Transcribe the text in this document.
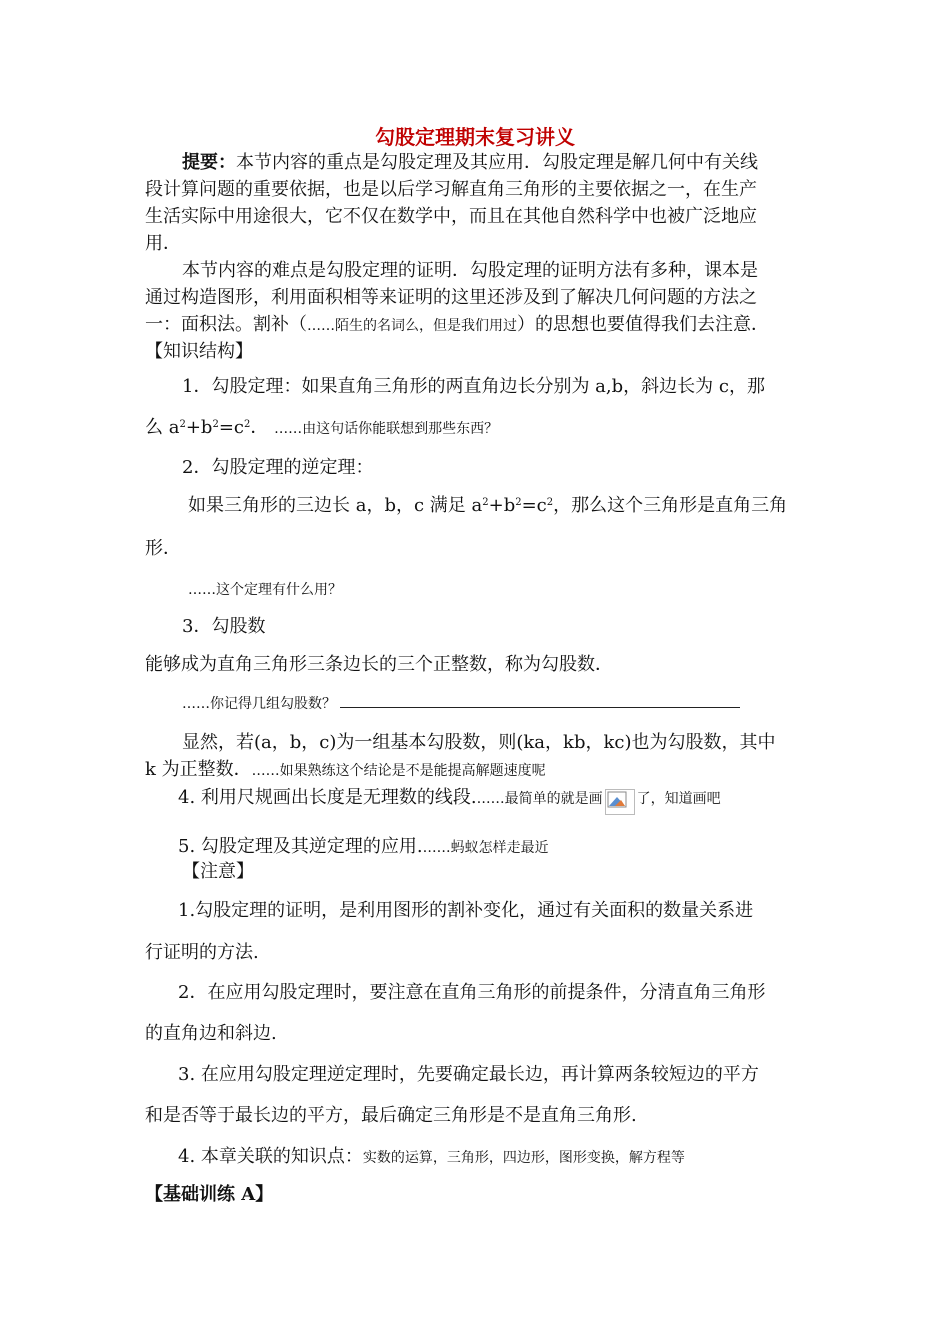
勾股定理期末复习讲义
提要：本节内容的重点是勾股定理及其应用．勾股定理是解几何中有关线
段计算问题的重要依据，也是以后学习解直角三角形的主要依据之一，在生产
生活实际中用途很大，它不仅在数学中，而且在其他自然科学中也被广泛地应
用．
本节内容的难点是勾股定理的证明．勾股定理的证明方法有多种，课本是
通过构造图形，利用面积相等来证明的这里还涉及到了解决几何问题的方法之
一：面积法。割补（……陌生的名词么，但是我们用过）的思想也要值得我们去注意．
【知识结构】
1．勾股定理：如果直角三角形的两直角边长分别为 a,b，斜边长为 c，那
么 $a^2+b^2=c^2$． ……由这句话你能联想到那些东西？
2．勾股定理的逆定理：
如果三角形的三边长 a，b，c 满足 $a^2+b^2=c^2$，那么这个三角形是直角三角
形．
……这个定理有什么用？
3．勾股数
能够成为直角三角形三条边长的三个正整数，称为勾股数．
……你记得几组勾股数？
显然，若(a，b，c)为一组基本勾股数，则(ka，kb，kc)也为勾股数，其中
k 为正整数．……如果熟练这个结论是不是能提高解题速度呢
4. 利用尺规画出长度是无理数的线段.……最简单的就是画 了，知道画吧
5. 勾股定理及其逆定理的应用.……蚂蚁怎样走最近
【注意】
1.勾股定理的证明，是利用图形的割补变化，通过有关面积的数量关系进
行证明的方法.
2．在应用勾股定理时，要注意在直角三角形的前提条件，分清直角三角形
的直角边和斜边.
3. 在应用勾股定理逆定理时，先要确定最长边，再计算两条较短边的平方
和是否等于最长边的平方，最后确定三角形是不是直角三角形.
4. 本章关联的知识点：实数的运算，三角形，四边形，图形变换，解方程等
【基础训练 A】
